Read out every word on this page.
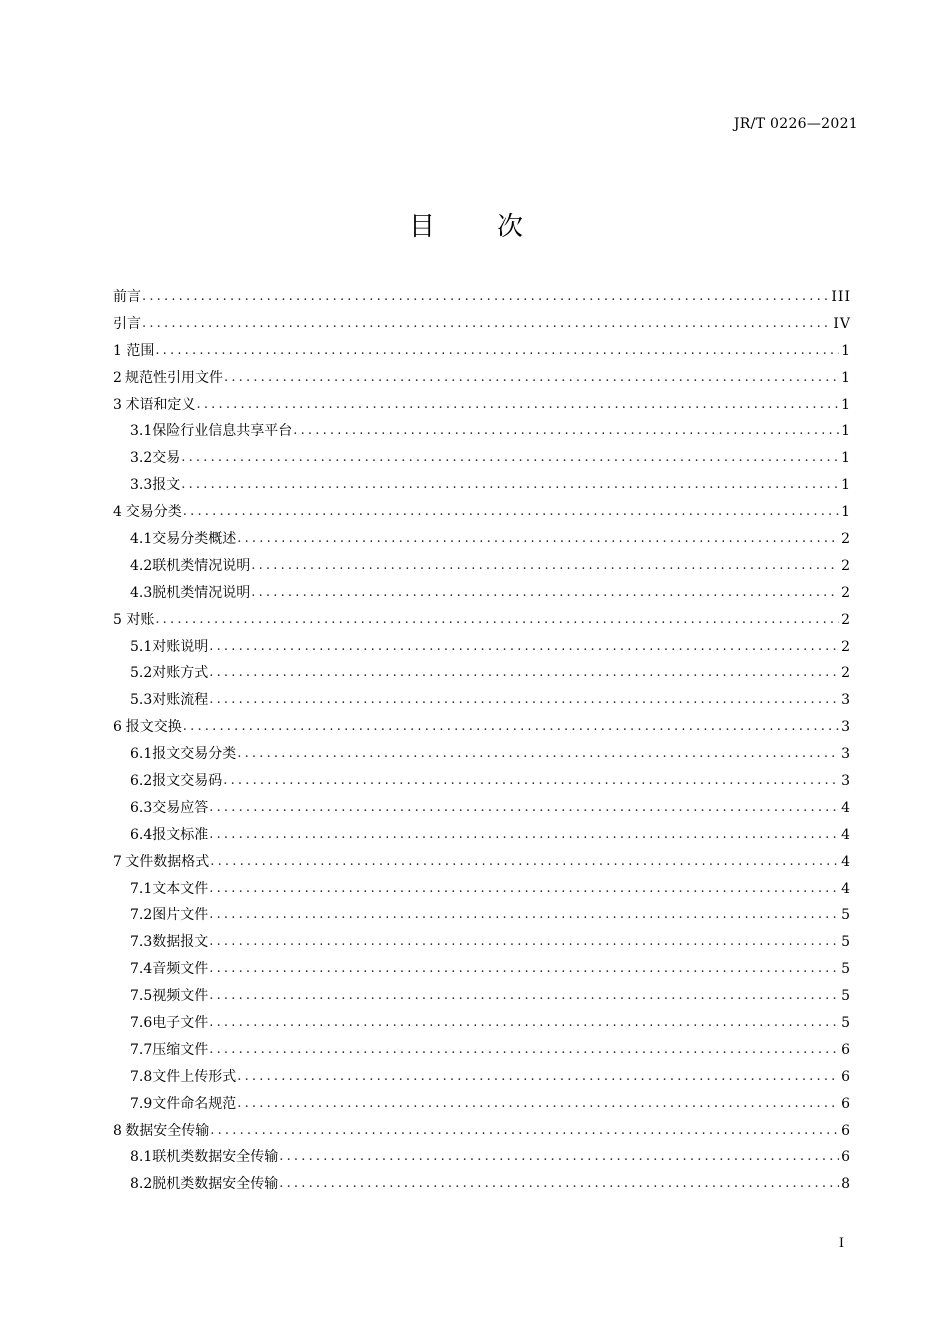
JR/T 0226—2021
目　次
前言 .....	III
引言 .....	IV
1 范围 .....	1
2 规范性引用文件 .....	1
3 术语和定义 .....	1
3.1 保险行业信息共享平台 .....	1
3.2 交易 .....	1
3.3 报文 .....	1
4 交易分类 .....	1
4.1 交易分类概述 .....	2
4.2 联机类情况说明 .....	2
4.3 脱机类情况说明 .....	2
5 对账 .....	2
5.1 对账说明 .....	2
5.2 对账方式 .....	2
5.3 对账流程 .....	3
6 报文交换 .....	3
6.1 报文交易分类 .....	3
6.2 报文交易码 .....	3
6.3 交易应答 .....	4
6.4 报文标准 .....	4
7 文件数据格式 .....	4
7.1 文本文件 .....	4
7.2 图片文件 .....	5
7.3 数据报文 .....	5
7.4 音频文件 .....	5
7.5 视频文件 .....	5
7.6 电子文件 .....	5
7.7 压缩文件 .....	6
7.8 文件上传形式 .....	6
7.9 文件命名规范 .....	6
8 数据安全传输 .....	6
8.1 联机类数据安全传输 .....	6
8.2 脱机类数据安全传输 .....	8
I
